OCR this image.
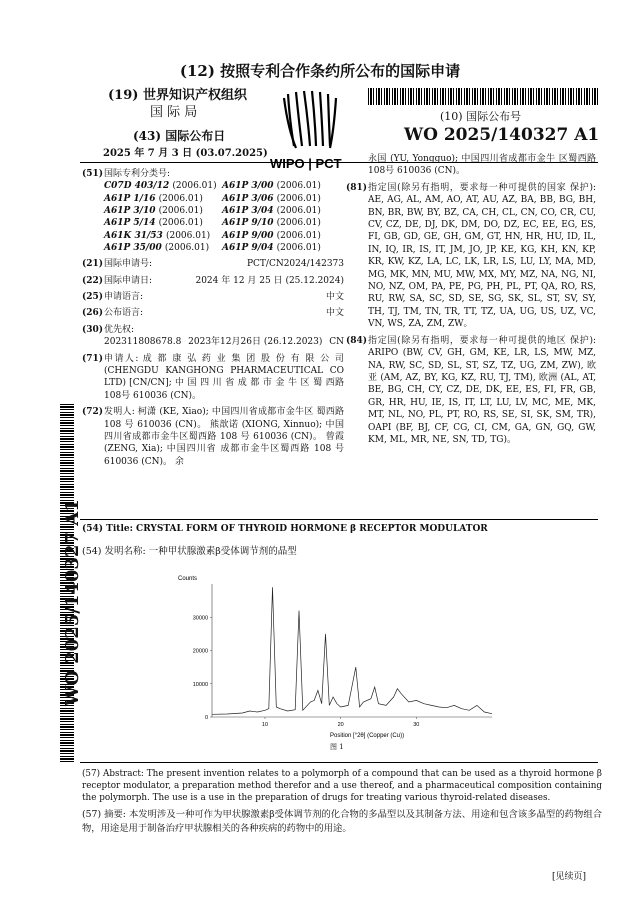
(12) 按照专利合作条约所公布的国际申请
(19) 世界知识产权组织
国 际 局
(43) 国际公布日
2025 年 7 月 3 日 (03.07.2025)
WIPO | PCT
(10) 国际公布号
WO 2025/140327 A1
WO 2025/140327 A1
(51) 国际专利分类号:
C07D 403/12 (2006.01) A61P 3/00 (2006.01)
A61P 1/16 (2006.01)	A61P 3/06 (2006.01)
A61P 3/10 (2006.01)	A61P 3/04 (2006.01)
A61P 5/14 (2006.01)	A61P 9/10 (2006.01)
A61K 31/53 (2006.01)	A61P 9/00 (2006.01)
A61P 35/00 (2006.01)	A61P 9/04 (2006.01)
(21) 国际申请号:	PCT/CN2024/142373
(22) 国际申请日:	2024 年 12 月 25 日 (25.12.2024)
(25) 申请语言:	中文
(26) 公布语言:	中文
(30) 优先权:
202311808678.8 2023年12月26日 (26.12.2023) CN
(71) 申请人: 成 都 康 弘 药 业 集 团 股 份 有 限 公 司 (CHENGDU KANGHONG PHARMACEUTICAL CO LTD) [CN/CN]; 中 国 四 川 省 成 都 市 金 牛 区 蜀 西路108号 610036 (CN)。
(72) 发明人: 柯潇 (KE, Xiao); 中国四川省成都市金牛区 蜀西路 108 号 610036 (CN)。 熊歆诺 (XIONG, Xinnuo); 中国四川省成都市金牛区蜀西路 108 号 610036 (CN)。 曾霞 (ZENG, Xia); 中国四川省 成都市金牛区蜀西路 108 号 610036 (CN)。 余
永国 (YU, Yongguo); 中国四川省成都市金牛 区蜀西路108号 610036 (CN)。
(81) 指定国(除另有指明，要求每一种可提供的国家 保护): AE, AG, AL, AM, AO, AT, AU, AZ, BA, BB, BG, BH, BN, BR, BW, BY, BZ, CA, CH, CL, CN, CO, CR, CU, CV, CZ, DE, DJ, DK, DM, DO, DZ, EC, EE, EG, ES, FI, GB, GD, GE, GH, GM, GT, HN, HR, HU, ID, IL, IN, IQ, IR, IS, IT, JM, JO, JP, KE, KG, KH, KN, KP, KR, KW, KZ, LA, LC, LK, LR, LS, LU, LY, MA, MD, MG, MK, MN, MU, MW, MX, MY, MZ, NA, NG, NI, NO, NZ, OM, PA, PE, PG, PH, PL, PT, QA, RO, RS, RU, RW, SA, SC, SD, SE, SG, SK, SL, ST, SV, SY, TH, TJ, TM, TN, TR, TT, TZ, UA, UG, US, UZ, VC, VN, WS, ZA, ZM, ZW。
(84) 指定国(除另有指明，要求每一种可提供的地区 保护): ARIPO (BW, CV, GH, GM, KE, LR, LS, MW, MZ, NA, RW, SC, SD, SL, ST, SZ, TZ, UG, ZM, ZW), 欧亚 (AM, AZ, BY, KG, KZ, RU, TJ, TM), 欧洲 (AL, AT, BE, BG, CH, CY, CZ, DE, DK, EE, ES, FI, FR, GB, GR, HR, HU, IE, IS, IT, LT, LU, LV, MC, ME, MK, MT, NL, NO, PL, PT, RO, RS, SE, SI, SK, SM, TR), OAPI (BF, BJ, CF, CG, CI, CM, GA, GN, GQ, GW, KM, ML, MR, NE, SN, TD, TG)。
(54) Title: CRYSTAL FORM OF THYROID HORMONE β RECEPTOR MODULATOR
(54) 发明名称: 一种甲状腺激素β受体调节剂的晶型
Counts
Position [°2θ] (Copper (Cu))
0
10000
20000
30000
10	20	30
图 1
(57) Abstract: The present invention relates to a polymorph of a compound that can be used as a thyroid hormone β receptor modulator, a preparation method therefor and a use thereof, and a pharmaceutical composition containing the polymorph. The use is a use in the preparation of drugs for treating various thyroid-related diseases.
(57) 摘要: 本发明涉及一种可作为甲状腺激素β受体调节剂的化合物的多晶型以及其制备方法、用途和包含该多晶型的药物组合物，用途是用于制备治疗甲状腺相关的各种疾病的药物中的用途。
[见续页]
